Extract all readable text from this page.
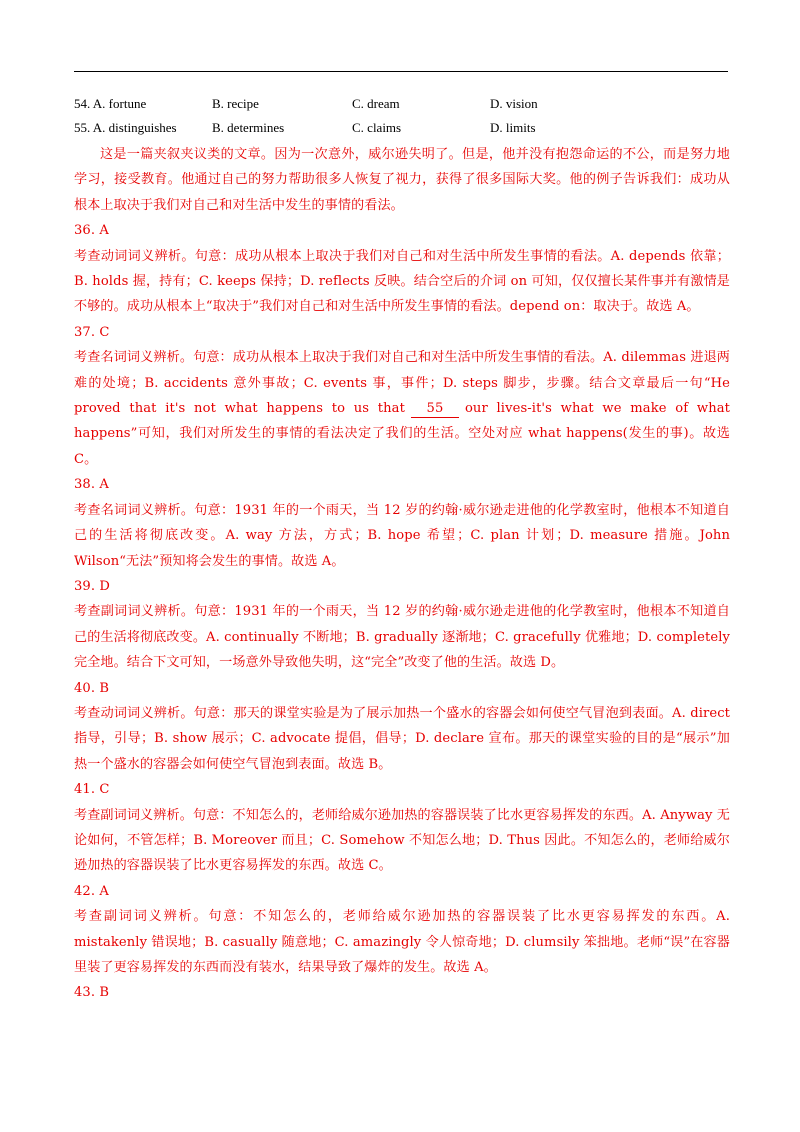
54. A. fortune	B. recipe	C. dream	D. vision
55. A. distinguishes	B. determines	C. claims	D. limits

这是一篇夹叙夹议类的文章。因为一次意外，威尔逊失明了。但是，他并没有抱怨命运的不公，而是努力地学习，接受教育。他通过自己的努力帮助很多人恢复了视力，获得了很多国际大奖。他的例子告诉我们：成功从根本上取决于我们对自己和对生活中发生的事情的看法。

36. A

考查动词词义辨析。句意：成功从根本上取决于我们对自己和对生活中所发生事情的看法。A. depends 依靠；B. holds 握，持有；C. keeps 保持；D. reflects 反映。结合空后的介词 on 可知，仅仅擅长某件事并有激情是不够的。成功从根本上“取决于”我们对自己和对生活中所发生事情的看法。depend on：取决于。故选 A。

37. C

考查名词词义辨析。句意：成功从根本上取决于我们对自己和对生活中所发生事情的看法。A. dilemmas 进退两难的处境；B. accidents 意外事故；C. events 事，事件；D. steps 脚步，步骤。结合文章最后一句“He proved that it's not what happens to us that 55 our lives-it's what we make of what happens”可知，我们对所发生的事情的看法决定了我们的生活。空处对应 what happens(发生的事)。故选 C。

38. A

考查名词词义辨析。句意：1931 年的一个雨天，当 12 岁的约翰·威尔逊走进他的化学教室时，他根本不知道自己的生活将彻底改变。A. way 方法，方式；B. hope 希望；C. plan 计划；D. measure 措施。John Wilson“无法”预知将会发生的事情。故选 A。

39. D

考查副词词义辨析。句意：1931 年的一个雨天，当 12 岁的约翰·威尔逊走进他的化学教室时，他根本不知道自己的生活将彻底改变。A. continually 不断地；B. gradually 逐渐地；C. gracefully 优雅地；D. completely 完全地。结合下文可知，一场意外导致他失明，这“完全”改变了他的生活。故选 D。

40. B

考查动词词义辨析。句意：那天的课堂实验是为了展示加热一个盛水的容器会如何使空气冒泡到表面。A. direct 指导，引导；B. show 展示；C. advocate 提倡，倡导；D. declare 宣布。那天的课堂实验的目的是“展示”加热一个盛水的容器会如何使空气冒泡到表面。故选 B。

41. C

考查副词词义辨析。句意：不知怎么的，老师给威尔逊加热的容器误装了比水更容易挥发的东西。A. Anyway 无论如何，不管怎样；B. Moreover 而且；C. Somehow 不知怎么地；D. Thus 因此。不知怎么的，老师给威尔逊加热的容器误装了比水更容易挥发的东西。故选 C。

42. A

考查副词词义辨析。句意：不知怎么的，老师给威尔逊加热的容器误装了比水更容易挥发的东西。A. mistakenly 错误地；B. casually 随意地；C. amazingly 令人惊奇地；D. clumsily 笨拙地。老师“误”在容器里装了更容易挥发的东西而没有装水，结果导致了爆炸的发生。故选 A。

43. B
